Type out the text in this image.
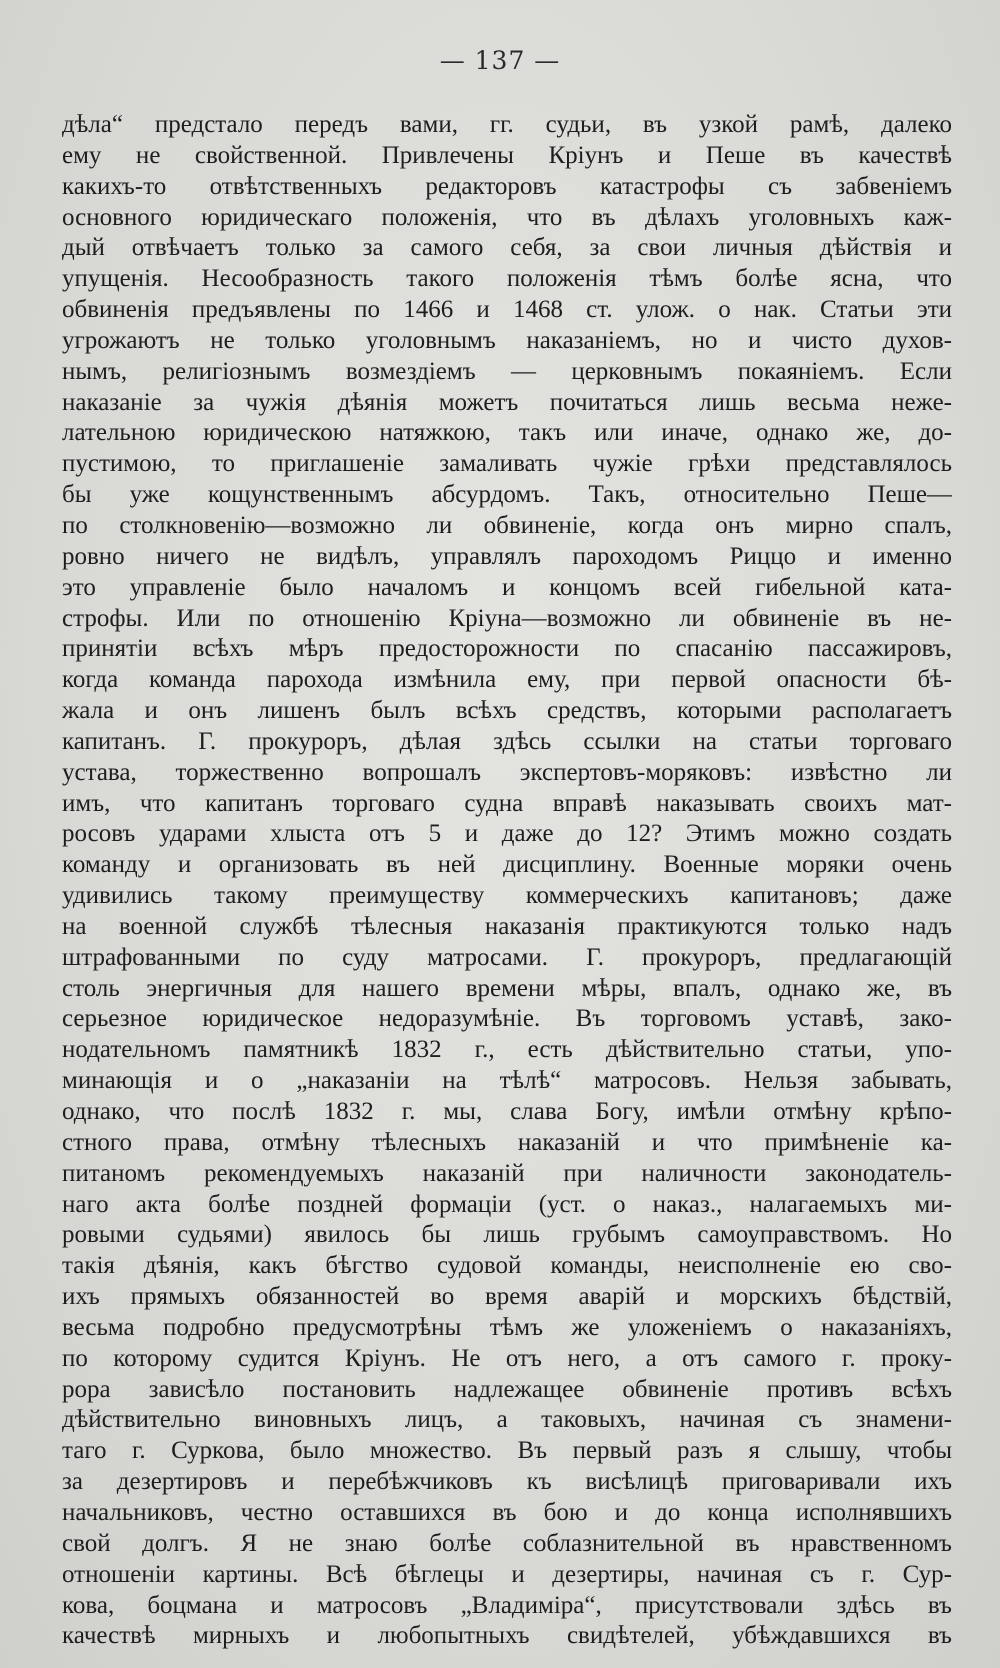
— 137 —
дѣла“ предстало передъ вами, гг. судьи, въ узкой рамѣ, далеко
ему не свойственной. Привлечены Кріунъ и Пеше въ качествѣ
какихъ-то отвѣтственныхъ редакторовъ катастрофы съ забвеніемъ
основного юридическаго положенія, что въ дѣлахъ уголовныхъ каж-
дый отвѣчаетъ только за самого себя, за свои личныя дѣйствія и
упущенія. Несообразность такого положенія тѣмъ болѣе ясна, что
обвиненія предъявлены по 1466 и 1468 ст. улож. о нак. Статьи эти
угрожаютъ не только уголовнымъ наказаніемъ, но и чисто духов-
нымъ, религіознымъ возмездіемъ — церковнымъ покаяніемъ. Если
наказаніе за чужія дѣянія можетъ почитаться лишь весьма неже-
лательною юридическою натяжкою, такъ или иначе, однако же, до-
пустимою, то приглашеніе замаливать чужіе грѣхи представлялось
бы уже кощунственнымъ абсурдомъ. Такъ, относительно Пеше—
по столкновенію—возможно ли обвиненіе, когда онъ мирно спалъ,
ровно ничего не видѣлъ, управлялъ пароходомъ Риццо и именно
это управленіе было началомъ и концомъ всей гибельной ката-
строфы. Или по отношенію Кріуна—возможно ли обвиненіе въ не-
принятіи всѣхъ мѣръ предосторожности по спасанію пассажировъ,
когда команда парохода измѣнила ему, при первой опасности бѣ-
жала и онъ лишенъ былъ всѣхъ средствъ, которыми располагаетъ
капитанъ. Г. прокуроръ, дѣлая здѣсь ссылки на статьи торговаго
устава, торжественно вопрошалъ экспертовъ-моряковъ: извѣстно ли
имъ, что капитанъ торговаго судна вправѣ наказывать своихъ мат-
росовъ ударами хлыста отъ 5 и даже до 12? Этимъ можно создать
команду и организовать въ ней дисциплину. Военные моряки очень
удивились такому преимуществу коммерческихъ капитановъ; даже
на военной службѣ тѣлесныя наказанія практикуются только надъ
штрафованными по суду матросами. Г. прокуроръ, предлагающій
столь энергичныя для нашего времени мѣры, впалъ, однако же, въ
серьезное юридическое недоразумѣніе. Въ торговомъ уставѣ, зако-
нодательномъ памятникѣ 1832 г., есть дѣйствительно статьи, упо-
минающія и о „наказаніи на тѣлѣ“ матросовъ. Нельзя забывать,
однако, что послѣ 1832 г. мы, слава Богу, имѣли отмѣну крѣпо-
стного права, отмѣну тѣлесныхъ наказаній и что примѣненіе ка-
питаномъ рекомендуемыхъ наказаній при наличности законодатель-
наго акта болѣе поздней формаціи (уст. о наказ., налагаемыхъ ми-
ровыми судьями) явилось бы лишь грубымъ самоуправствомъ. Но
такія дѣянія, какъ бѣгство судовой команды, неисполненіе ею сво-
ихъ прямыхъ обязанностей во время аварій и морскихъ бѣдствій,
весьма подробно предусмотрѣны тѣмъ же уложеніемъ о наказаніяхъ,
по которому судится Кріунъ. Не отъ него, а отъ самого г. проку-
рора зависѣло постановить надлежащее обвиненіе противъ всѣхъ
дѣйствительно виновныхъ лицъ, а таковыхъ, начиная съ знамени-
таго г. Суркова, было множество. Въ первый разъ я слышу, чтобы
за дезертировъ и перебѣжчиковъ къ висѣлицѣ приговаривали ихъ
начальниковъ, честно оставшихся въ бою и до конца исполнявшихъ
свой долгъ. Я не знаю болѣе соблазнительной въ нравственномъ
отношеніи картины. Всѣ бѣглецы и дезертиры, начиная съ г. Сур-
кова, боцмана и матросовъ „Владиміра“, присутствовали здѣсь въ
качествѣ мирныхъ и любопытныхъ свидѣтелей, убѣждавшихся въ
